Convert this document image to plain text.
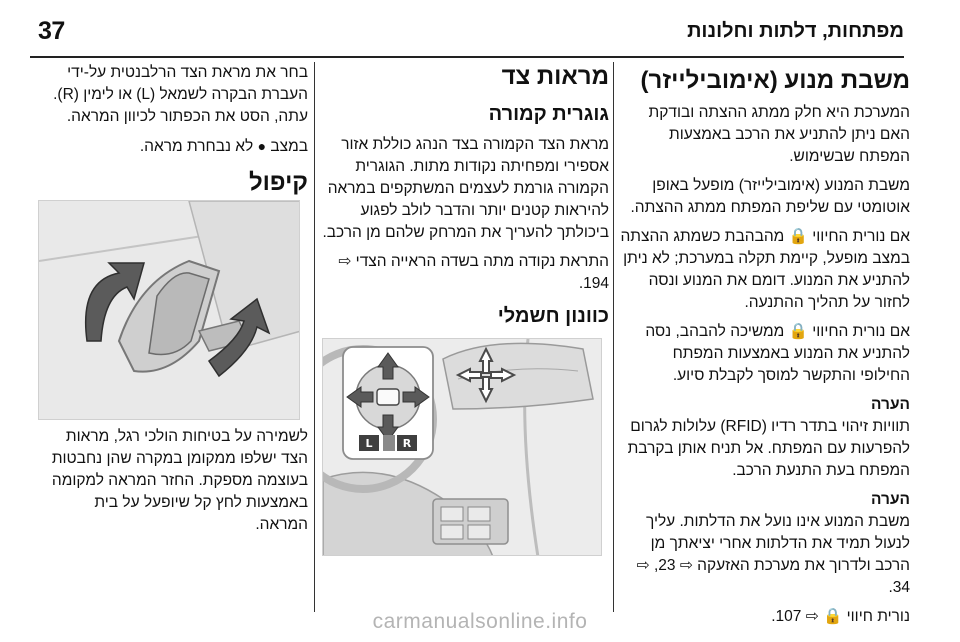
37	מפתחות, דלתות וחלונות
משבת מנוע (אימובילייזר)

המערכת היא חלק ממתג ההצתה ובודקת האם ניתן להתניע את הרכב באמצעות המפתח שבשימוש.

משבת המנוע (אימובילייזר) מופעל באופן אוטומטי עם שליפת המפתח ממתג ההצתה.

אם נורית החיווי 🔒 מהבהבת כשמתג ההצתה במצב מופעל, קיימת תקלה במערכת; לא ניתן להתניע את המנוע. דומם את המנוע ונסה לחזור על תהליך ההתנעה.

אם נורית החיווי 🔒 ממשיכה להבהב, נסה להתניע את המנוע באמצעות המפתח החילופי והתקשר למוסך לקבלת סיוע.

הערה
תוויות זיהוי בתדר רדיו (RFID) עלולות לגרום להפרעות עם המפתח. אל תניח אותן בקרבת המפתח בעת התנעת הרכב.
הערה
משבת המנוע אינו נועל את הדלתות. עליך לנעול תמיד את הדלתות אחרי יציאתך מן הרכב ולדרוך את מערכת האזעקה ⇨ 23, ⇨ 34.

נורית חיווי 🔒 ⇨ 107.

מראות צד
גוגרית קמורה

מראת הצד הקמורה בצד הנהג כוללת אזור אספירי ומפחיתה נקודות מתות. הגוגרית הקמורה גורמת לעצמים המשתקפים במראה להיראות קטנים יותר והדבר לולב לפגוע ביכולתך להעריך את המרחק שלהם מן הרכב.

התראת נקודה מתה בשדה הראייה הצדי ⇨ 194.

כוונון חשמלי
L	R

בחר את מראת הצד הרלבנטית על-ידי העברת הבקרה לשמאל (L) או לימין (R). עתה, הסט את הכפתור לכיוון המראה.

במצב ● לא נבחרת מראה.

קיפול

לשמירה על בטיחות הולכי רגל, מראות הצד ישלפו ממקומן במקרה שהן נחבטות בעוצמה מספקת. החזר המראה למקומה באמצעות לחץ קל שיופעל על בית המראה.

carmanualsonline.info
